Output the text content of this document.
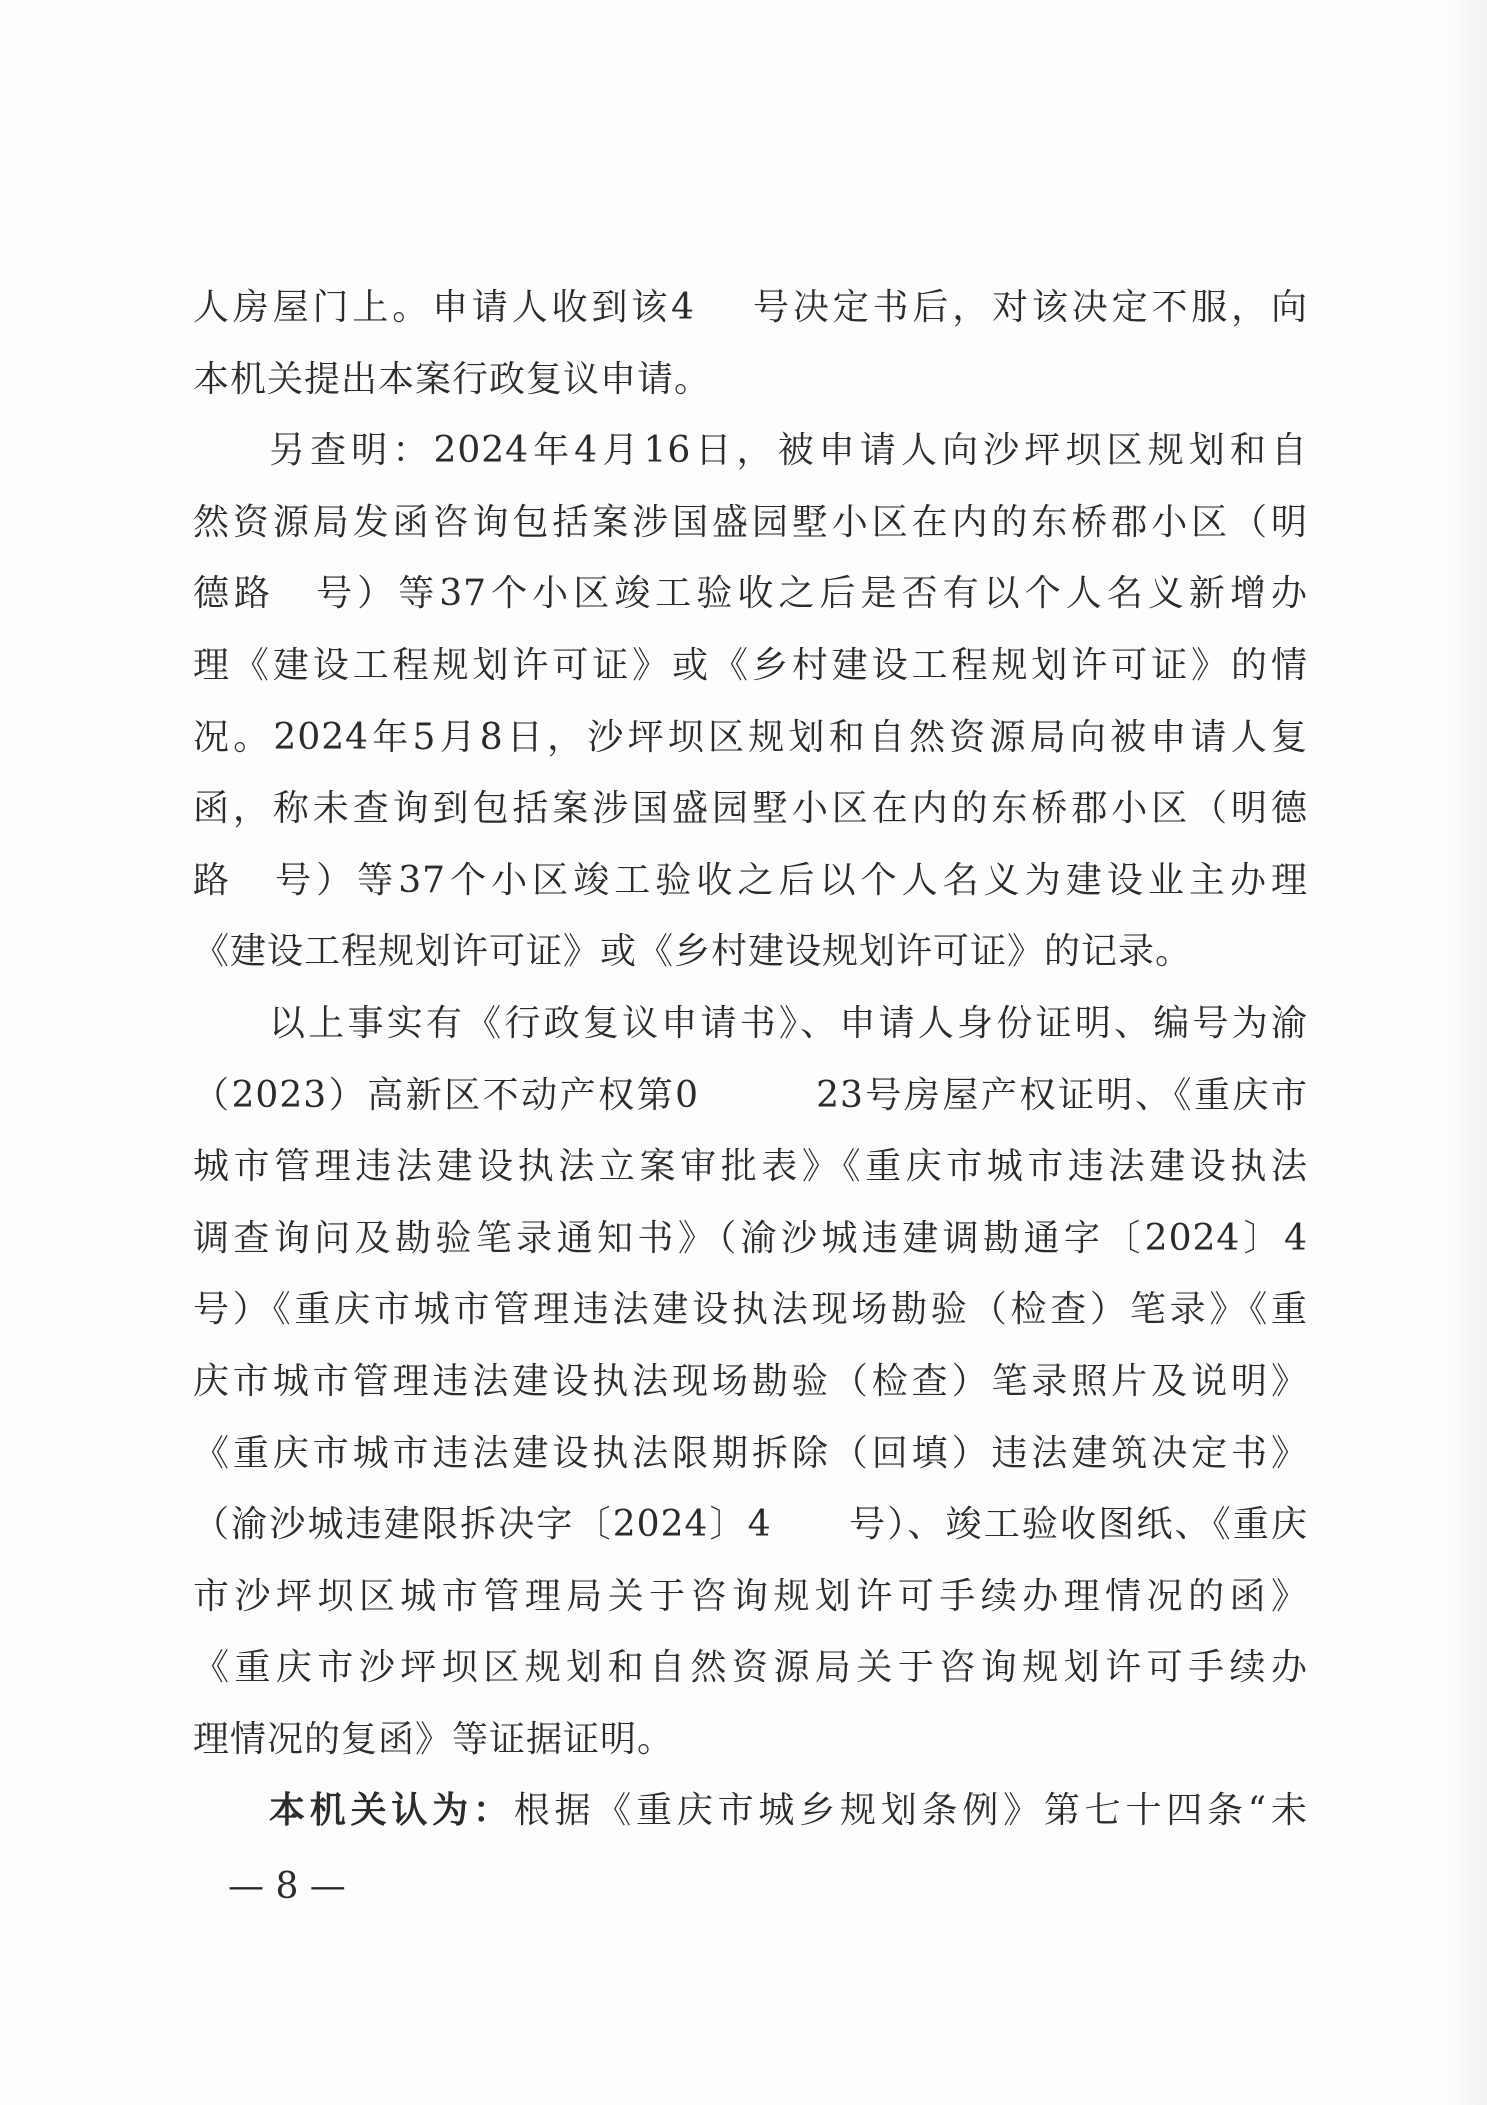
人房屋门上。申请人收到该4　 号决定书后，对该决定不服，向
本机关提出本案行政复议申请。
另查明：2024年4月16日，被申请人向沙坪坝区规划和自
然资源局发函咨询包括案涉国盛园墅小区在内的东桥郡小区（明
德路　号）等37个小区竣工验收之后是否有以个人名义新增办
理《建设工程规划许可证》或《乡村建设工程规划许可证》的情
况。2024年5月8日，沙坪坝区规划和自然资源局向被申请人复
函，称未查询到包括案涉国盛园墅小区在内的东桥郡小区（明德
路　号）等37个小区竣工验收之后以个人名义为建设业主办理
《建设工程规划许可证》或《乡村建设规划许可证》的记录。
以上事实有《行政复议申请书》、申请人身份证明、编号为渝
（2023）高新区不动产权第0　　　23号房屋产权证明、《重庆市
城市管理违法建设执法立案审批表》《重庆市城市违法建设执法
调查询问及勘验笔录通知书》（渝沙城违建调勘通字〔2024〕4
号）《重庆市城市管理违法建设执法现场勘验（检查）笔录》《重
庆市城市管理违法建设执法现场勘验（检查）笔录照片及说明》
《重庆市城市违法建设执法限期拆除（回填）违法建筑决定书》
（渝沙城违建限拆决字〔2024〕4　　号）、竣工验收图纸、《重庆
市沙坪坝区城市管理局关于咨询规划许可手续办理情况的函》
《重庆市沙坪坝区规划和自然资源局关于咨询规划许可手续办
理情况的复函》等证据证明。
本机关认为：根据《重庆市城乡规划条例》第七十四条“未
— 8 —
